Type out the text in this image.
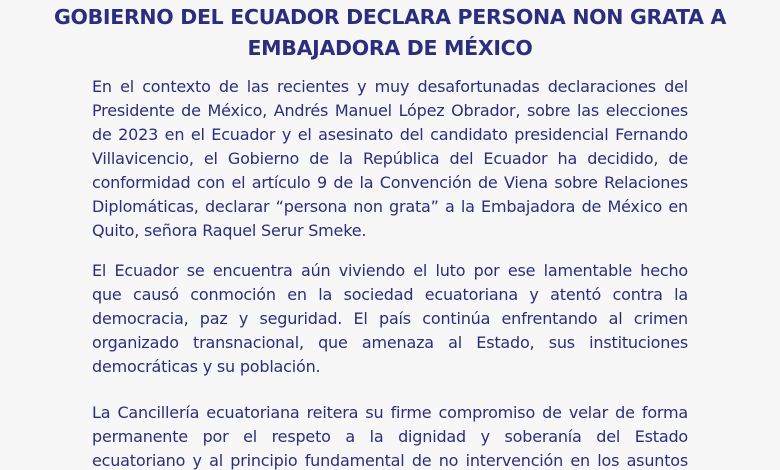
GOBIERNO DEL ECUADOR DECLARA PERSONA NON GRATA A
EMBAJADORA DE MÉXICO
En el contexto de las recientes y muy desafortunadas declaraciones del
Presidente de México, Andrés Manuel López Obrador, sobre las elecciones
de 2023 en el Ecuador y el asesinato del candidato presidencial Fernando
Villavicencio, el Gobierno de la República del Ecuador ha decidido, de
conformidad con el artículo 9 de la Convención de Viena sobre Relaciones
Diplomáticas, declarar “persona non grata” a la Embajadora de México en
Quito, señora Raquel Serur Smeke.
El Ecuador se encuentra aún viviendo el luto por ese lamentable hecho
que causó conmoción en la sociedad ecuatoriana y atentó contra la
democracia, paz y seguridad. El país continúa enfrentando al crimen
organizado transnacional, que amenaza al Estado, sus instituciones
democráticas y su población.
La Cancillería ecuatoriana reitera su firme compromiso de velar de forma
permanente por el respeto a la dignidad y soberanía del Estado
ecuatoriano y al principio fundamental de no intervención en los asuntos
